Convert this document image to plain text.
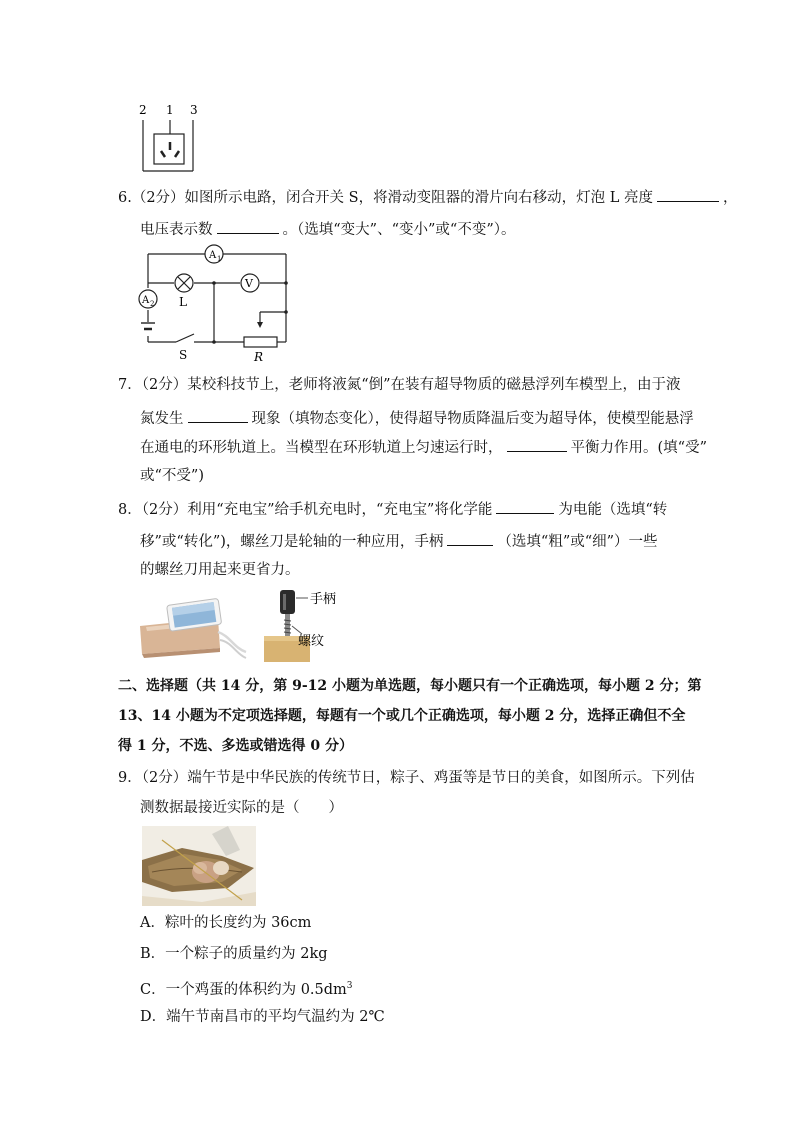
2 1 3
6.（2分）如图所示电路，闭合开关 S，将滑动变阻器的滑片向右移动，灯泡 L 亮度	，
电压表示数	。（选填“变大”、“变小”或“不变”）。
A 1
A 2
V
L
S	R
7．（2分）某校科技节上，老师将液氮“倒”在装有超导物质的磁悬浮列车模型上，由于液
氮发生	现象（填物态变化），使得超导物质降温后变为超导体，使模型能悬浮
在通电的环形轨道上。当模型在环形轨道上匀速运行时，	平衡力作用。(填“受”
或“不受”)
8．（2分）利用“充电宝”给手机充电时，“充电宝”将化学能	为电能（选填“转
移”或“转化”)，螺丝刀是轮轴的一种应用，手柄	（选填“粗”或“细”）一些
的螺丝刀用起来更省力。
手柄
螺纹
二、选择题（共 14 分，第 9-12 小题为单选题，每小题只有一个正确选项，每小题 2 分；第
13、14 小题为不定项选择题，每题有一个或几个正确选项，每小题 2 分，选择正确但不全
得 1 分，不选、多选或错选得 0 分）
9．（2分）端午节是中华民族的传统节日，粽子、鸡蛋等是节日的美食，如图所示。下列估
测数据最接近实际的是（　　）
A．粽叶的长度约为 36cm
B．一个粽子的质量约为 2kg
C．一个鸡蛋的体积约为 $0.5dm^3$
D．端午节南昌市的平均气温约为 2℃
